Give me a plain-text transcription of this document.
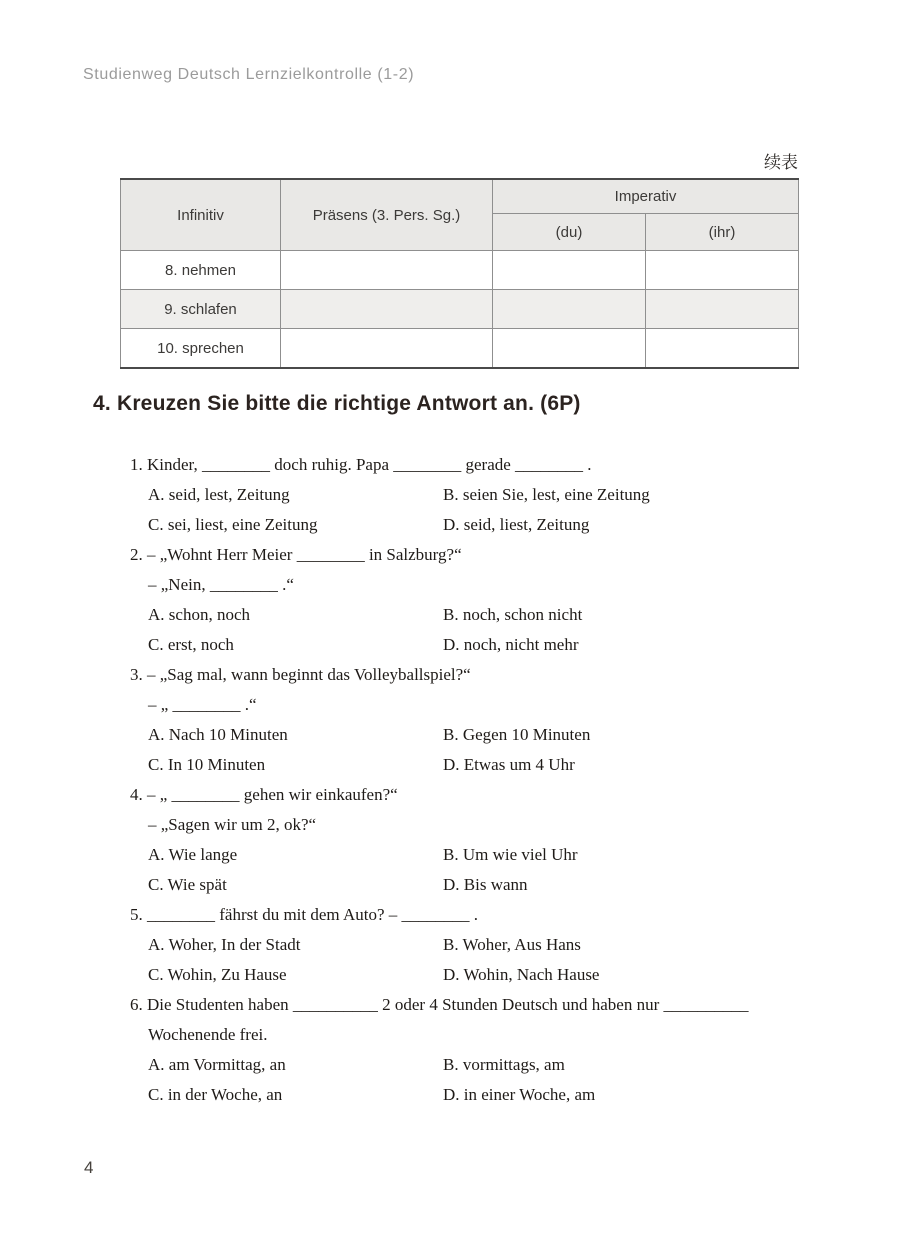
Studienweg Deutsch Lernzielkontrolle (1-2)
续表
Infinitiv	Präsens (3. Pers. Sg.)	Imperativ	
		(du)	(ihr)
8. nehmen			
9. schlafen			
10. sprechen			
4. Kreuzen Sie bitte die richtige Antwort an. (6P)
1. Kinder, ________ doch ruhig. Papa ________ gerade ________ .
A. seid, lest, Zeitung	B. seien Sie, lest, eine Zeitung
C. sei, liest, eine Zeitung	D. seid, liest, Zeitung
2. – „Wohnt Herr Meier ________ in Salzburg?“
– „Nein, ________ .“
A. schon, noch	B. noch, schon nicht
C. erst, noch	D. noch, nicht mehr
3. – „Sag mal, wann beginnt das Volleyballspiel?“
– „ ________ .“
A. Nach 10 Minuten	B. Gegen 10 Minuten
C. In 10 Minuten	D. Etwas um 4 Uhr
4. – „ ________ gehen wir einkaufen?“
– „Sagen wir um 2, ok?“
A. Wie lange	B. Um wie viel Uhr
C. Wie spät	D. Bis wann
5. ________ fährst du mit dem Auto? – ________ .
A. Woher, In der Stadt	B. Woher, Aus Hans
C. Wohin, Zu Hause	D. Wohin, Nach Hause
6. Die Studenten haben __________ 2 oder 4 Stunden Deutsch und haben nur __________
Wochenende frei.
A. am Vormittag, an	B. vormittags, am
C. in der Woche, an	D. in einer Woche, am
4
